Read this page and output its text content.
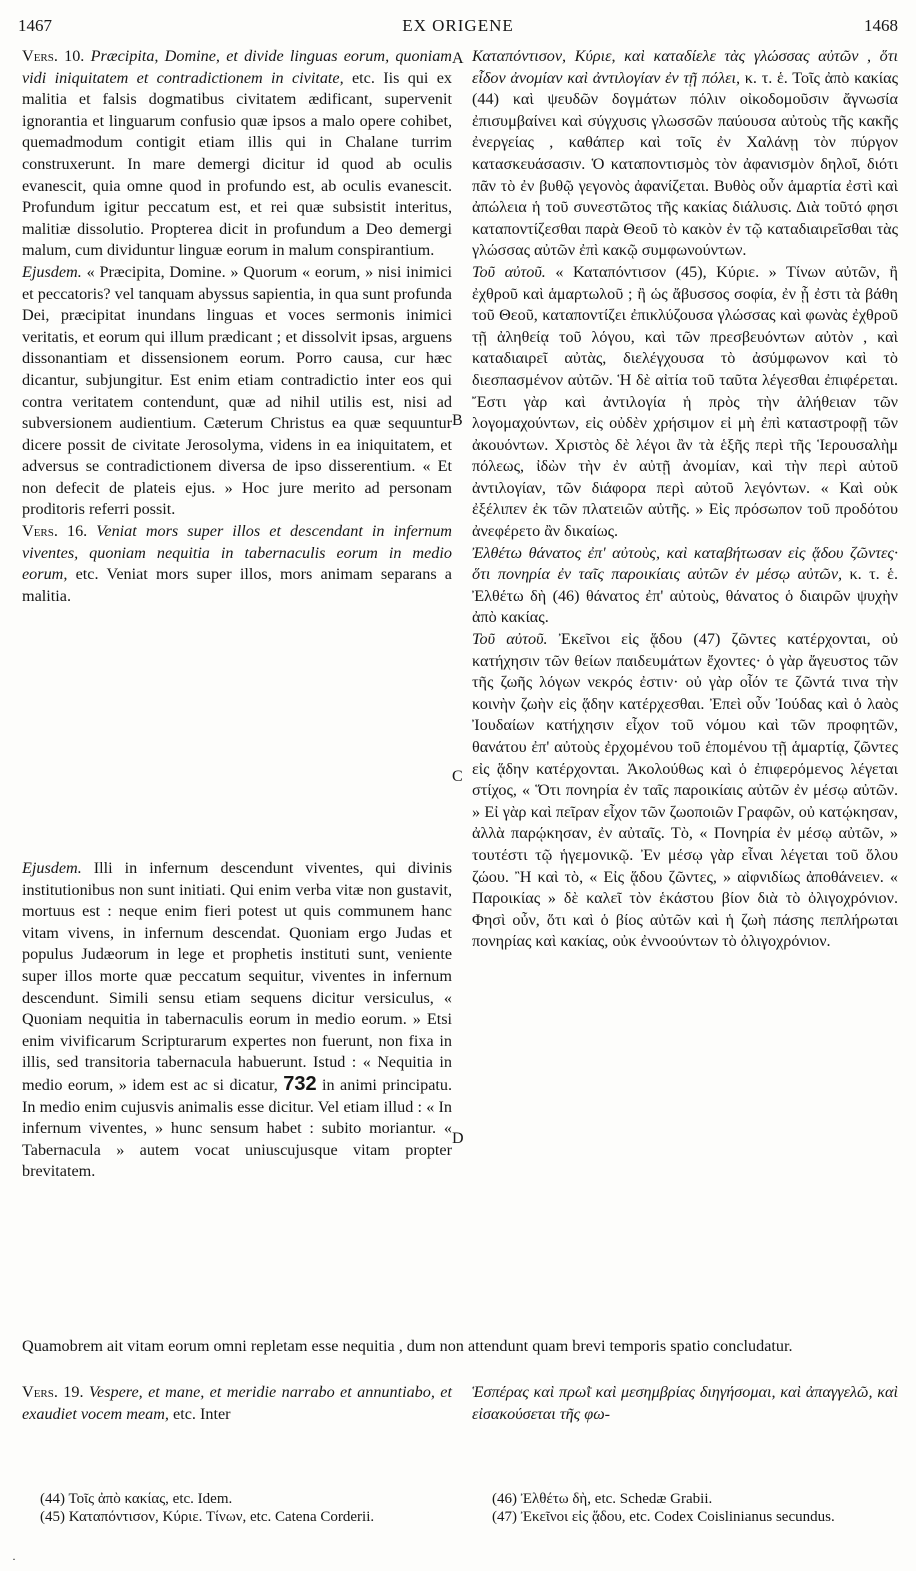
1467	EX ORIGENE	1468
A
B
C
D

Vers. 10. Præcipita, Domine, et divide linguas eorum, quoniam vidi iniquitatem et contradictionem in civitate, etc. Iis qui ex malitia et falsis dogmatibus civitatem ædificant, supervenit ignorantia et linguarum confusio quæ ipsos a malo opere cohibet, quemadmodum contigit etiam illis qui in Chalane turrim construxerunt. In mare demergi dicitur id quod ab oculis evanescit, quia omne quod in profundo est, ab oculis evanescit. Profundum igitur peccatum est, et rei quæ subsistit interitus, malitiæ dissolutio. Propterea dicit in profundum a Deo demergi malum, cum dividuntur linguæ eorum in malum conspirantium.

Ejusdem. « Præcipita, Domine. » Quorum « eorum, » nisi inimici et peccatoris? vel tanquam abyssus sapientia, in qua sunt profunda Dei, præcipitat inundans linguas et voces sermonis inimici veritatis, et eorum qui illum prædicant ; et dissolvit ipsas, arguens dissonantiam et dissensionem eorum. Porro causa, cur hæc dicantur, subjungitur. Est enim etiam contradictio inter eos qui contra veritatem contendunt, quæ ad nihil utilis est, nisi ad subversionem audientium. Cæterum Christus ea quæ sequuntur dicere possit de civitate Jerosolyma, videns in ea iniquitatem, et adversus se contradictionem diversa de ipso disserentium. « Et non defecit de plateis ejus. » Hoc jure merito ad personam proditoris referri possit.

Vers. 16. Veniat mors super illos et descendant in infernum viventes, quoniam nequitia in tabernaculis eorum in medio eorum, etc. Veniat mors super illos, mors animam separans a malitia.

Ejusdem. Illi in infernum descendunt viventes, qui divinis institutionibus non sunt initiati. Qui enim verba vitæ non gustavit, mortuus est : neque enim fieri potest ut quis communem hanc vitam vivens, in infernum descendat. Quoniam ergo Judas et populus Judæorum in lege et prophetis instituti sunt, veniente super illos morte quæ peccatum sequitur, viventes in infernum descendunt. Simili sensu etiam sequens dicitur versiculus, « Quoniam nequitia in tabernaculis eorum in medio eorum. » Etsi enim vivificarum Scripturarum expertes non fuerunt, non fixa in illis, sed transitoria tabernacula habuerunt. Istud : « Nequitia in medio eorum, » idem est ac si dicatur, 732 in animi principatu. In medio enim cujusvis animalis esse dicitur. Vel etiam illud : « In infernum viventes, » hunc sensum habet : subito moriantur. « Tabernacula » autem vocat uniuscujusque vitam propter brevitatem.

Καταπόντισον, Κύριε, καὶ καταδίελε τὰς γλώσσας αὐτῶν , ὅτι εἶδον ἀνομίαν καὶ ἀντιλογίαν ἐν τῇ πόλει, κ. τ. ἑ. Τοῖς ἀπὸ κακίας (44) καὶ ψευδῶν δογμάτων πόλιν οἰκοδομοῦσιν ἄγνωσία ἐπισυμβαίνει καὶ σύγχυσις γλωσσῶν παύουσα αὐτοὺς τῆς κακῆς ἐνεργείας , καθάπερ καὶ τοῖς ἐν Χαλάνῃ τὸν πύργον κατασκευάσασιν. Ὁ καταποντισμὸς τὸν ἀφανισμὸν δηλοῖ, διότι πᾶν τὸ ἐν βυθῷ γεγονὸς ἀφανίζεται. Βυθὸς οὖν ἁμαρτία ἐστὶ καὶ ἀπώλεια ἡ τοῦ συνεστῶτος τῆς κακίας διάλυσις. Διὰ τοῦτό φησι καταποντίζεσθαι παρὰ Θεοῦ τὸ κακὸν ἐν τῷ καταδιαιρεῖσθαι τὰς γλώσσας αὐτῶν ἐπὶ κακῷ συμφωνούντων.

Τοῦ αὐτοῦ. « Καταπόντισον (45), Κύριε. » Τίνων αὐτῶν, ἢ ἐχθροῦ καὶ ἁμαρτωλοῦ ; ἢ ὡς ἄβυσσος σοφία, ἐν ᾗ ἐστι τὰ βάθη τοῦ Θεοῦ, καταποντίζει ἐπικλύζουσα γλώσσας καὶ φωνὰς ἐχθροῦ τῇ ἀληθείᾳ τοῦ λόγου, καὶ τῶν πρεσβευόντων αὐτὸν , καὶ καταδιαιρεῖ αὐτὰς, διελέγχουσα τὸ ἀσύμφωνον καὶ τὸ διεσπασμένον αὐτῶν. Ἡ δὲ αἰτία τοῦ ταῦτα λέγεσθαι ἐπιφέρεται. Ἔστι γὰρ καὶ ἀντιλογία ἡ πρὸς τὴν ἀλήθειαν τῶν λογομαχούντων, εἰς οὐδὲν χρήσιμον εἰ μὴ ἐπὶ καταστροφῇ τῶν ἀκουόντων. Χριστὸς δὲ λέγοι ἂν τὰ ἑξῆς περὶ τῆς Ἱερουσαλὴμ πόλεως, ἰδὼν τὴν ἐν αὐτῇ ἀνομίαν, καὶ τὴν περὶ αὐτοῦ ἀντιλογίαν, τῶν διάφορα περὶ αὐτοῦ λεγόντων. « Καὶ οὐκ ἐξέλιπεν ἐκ τῶν πλατειῶν αὐτῆς. » Εἰς πρόσωπον τοῦ προδότου ἀνεφέρετο ἂν δικαίως.

Ἐλθέτω θάνατος ἐπ' αὐτοὺς, καὶ καταβήτωσαν εἰς ᾅδου ζῶντες· ὅτι πονηρία ἐν ταῖς παροικίαις αὐτῶν ἐν μέσῳ αὐτῶν, κ. τ. ἑ. Ἐλθέτω δὴ (46) θάνατος ἐπ' αὐτοὺς, θάνατος ὁ διαιρῶν ψυχὴν ἀπὸ κακίας.

Τοῦ αὐτοῦ. Ἐκεῖνοι εἰς ᾅδου (47) ζῶντες κατέρχονται, οὐ κατήχησιν τῶν θείων παιδευμάτων ἔχοντες· ὁ γὰρ ἄγευστος τῶν τῆς ζωῆς λόγων νεκρός ἐστιν· οὐ γὰρ οἷόν τε ζῶντά τινα τὴν κοινὴν ζωὴν εἰς ᾅδην κατέρχεσθαι. Ἐπεὶ οὖν Ἰούδας καὶ ὁ λαὸς Ἰουδαίων κατήχησιν εἶχον τοῦ νόμου καὶ τῶν προφητῶν, θανάτου ἐπ' αὐτοὺς ἐρχομένου τοῦ ἑπομένου τῇ ἁμαρτίᾳ, ζῶντες εἰς ᾅδην κατέρχονται. Ἀκολούθως καὶ ὁ ἐπιφερόμενος λέγεται στίχος, « Ὅτι πονηρία ἐν ταῖς παροικίαις αὐτῶν ἐν μέσῳ αὐτῶν. » Εἰ γὰρ καὶ πεῖραν εἶχον τῶν ζωοποιῶν Γραφῶν, οὐ κατῴκησαν, ἀλλὰ παρῴκησαν, ἐν αὐταῖς. Τὸ, « Πονηρία ἐν μέσῳ αὐτῶν, » τουτέστι τῷ ἡγεμονικῷ. Ἐν μέσῳ γὰρ εἶναι λέγεται τοῦ ὅλου ζώου. Ἢ καὶ τὸ, « Εἰς ᾅδου ζῶντες, » αἰφνιδίως ἀποθάνειεν. « Παροικίας » δὲ καλεῖ τὸν ἑκάστου βίον διὰ τὸ ὀλιγοχρόνιον. Φησὶ οὖν, ὅτι καὶ ὁ βίος αὐτῶν καὶ ἡ ζωὴ πάσης πεπλήρωται πονηρίας καὶ κακίας, οὐκ ἐννοούντων τὸ ὀλιγοχρόνιον.

Quamobrem ait vitam eorum omni repletam esse nequitia , dum non attendunt quam brevi temporis spatio concludatur.

Vers. 19. Vespere, et mane, et meridie narrabo et annuntiabo, et exaudiet vocem meam, etc. Inter

Ἑσπέρας καὶ πρωῒ καὶ μεσημβρίας διηγήσομαι, καὶ ἀπαγγελῶ, καὶ εἰσακούσεται τῆς φω-

(44) Τοῖς ἀπὸ κακίας, etc. Idem.
(45) Καταπόντισον, Κύριε. Τίνων, etc. Catena Corderii.
(46) Ἐλθέτω δὴ, etc. Schedæ Grabii.
(47) Ἐκεῖνοι εἰς ᾅδου, etc. Codex Coislinianus secundus.
·
